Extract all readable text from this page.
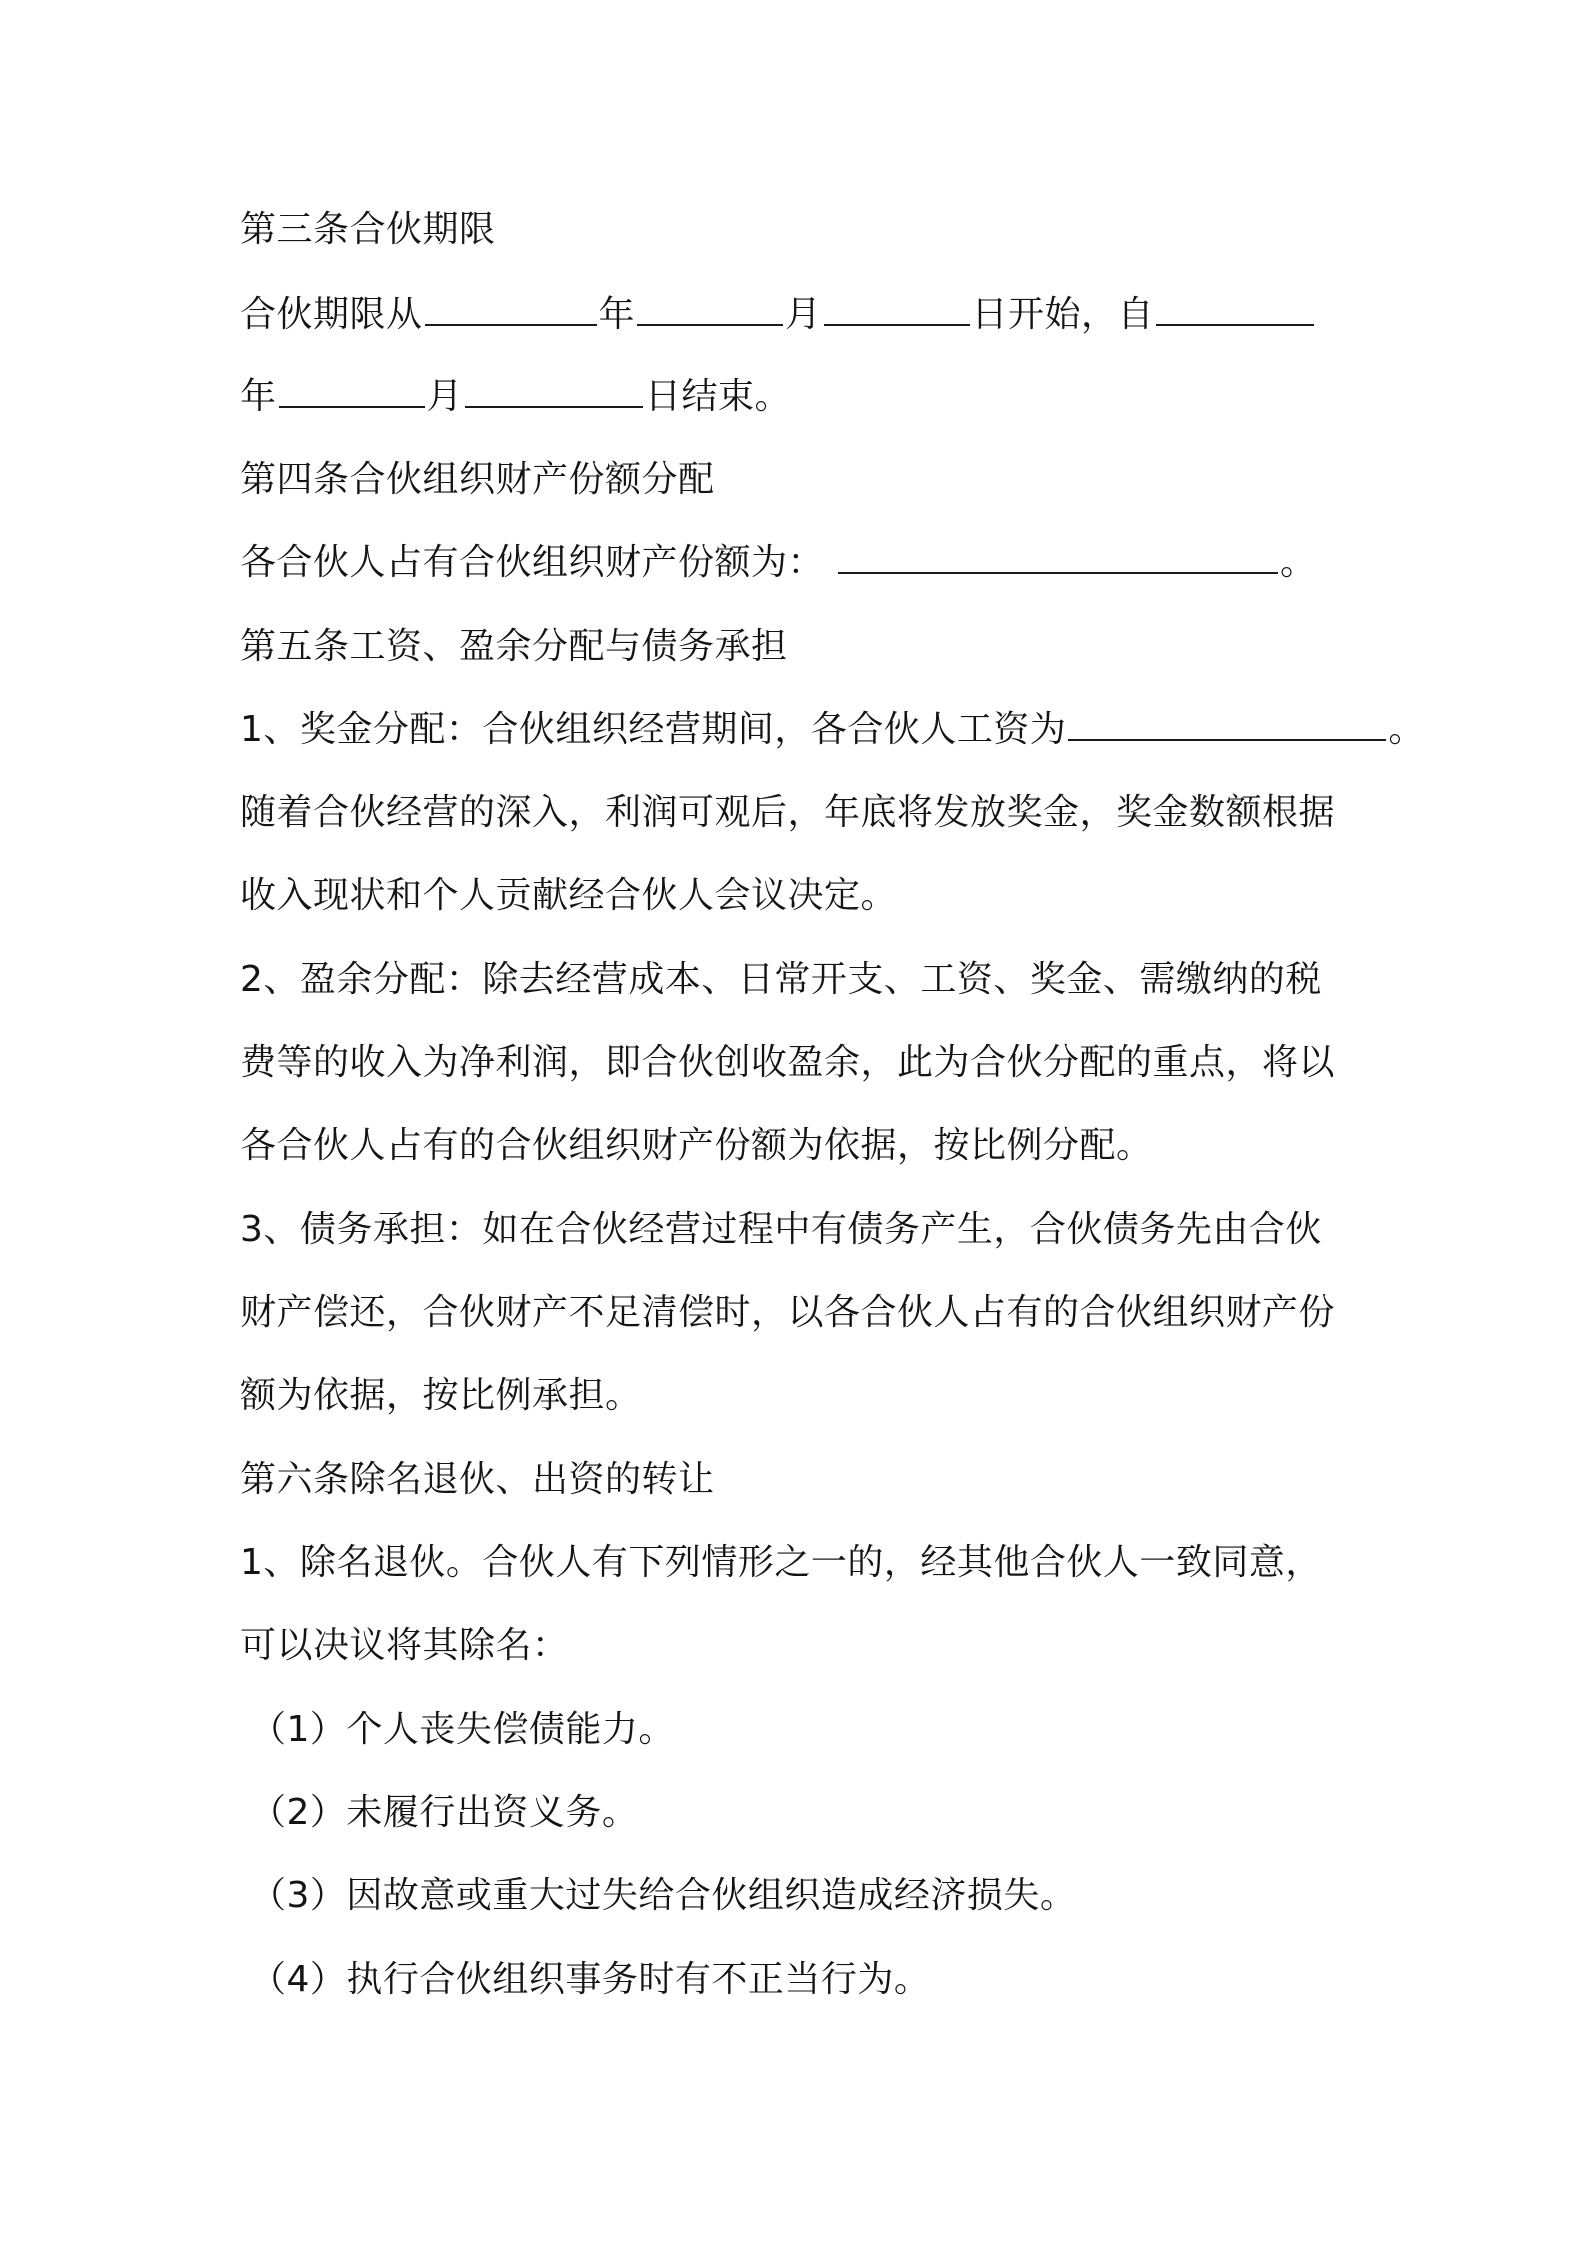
第三条合伙期限
合伙期限从	年	月	日开始，自
年	月	日结束。
第四条合伙组织财产份额分配
各合伙人占有合伙组织财产份额为：	。
第五条工资、盈余分配与债务承担
1、奖金分配：合伙组织经营期间，各合伙人工资为	。
随着合伙经营的深入，利润可观后，年底将发放奖金，奖金数额根据
收入现状和个人贡献经合伙人会议决定。
2、盈余分配：除去经营成本、日常开支、工资、奖金、需缴纳的税
费等的收入为净利润，即合伙创收盈余，此为合伙分配的重点，将以
各合伙人占有的合伙组织财产份额为依据，按比例分配。
3、债务承担：如在合伙经营过程中有债务产生，合伙债务先由合伙
财产偿还，合伙财产不足清偿时，以各合伙人占有的合伙组织财产份
额为依据，按比例承担。
第六条除名退伙、出资的转让
1、除名退伙。合伙人有下列情形之一的，经其他合伙人一致同意，
可以决议将其除名：
（1）个人丧失偿债能力。
（2）未履行出资义务。
（3）因故意或重大过失给合伙组织造成经济损失。
（4）执行合伙组织事务时有不正当行为。
